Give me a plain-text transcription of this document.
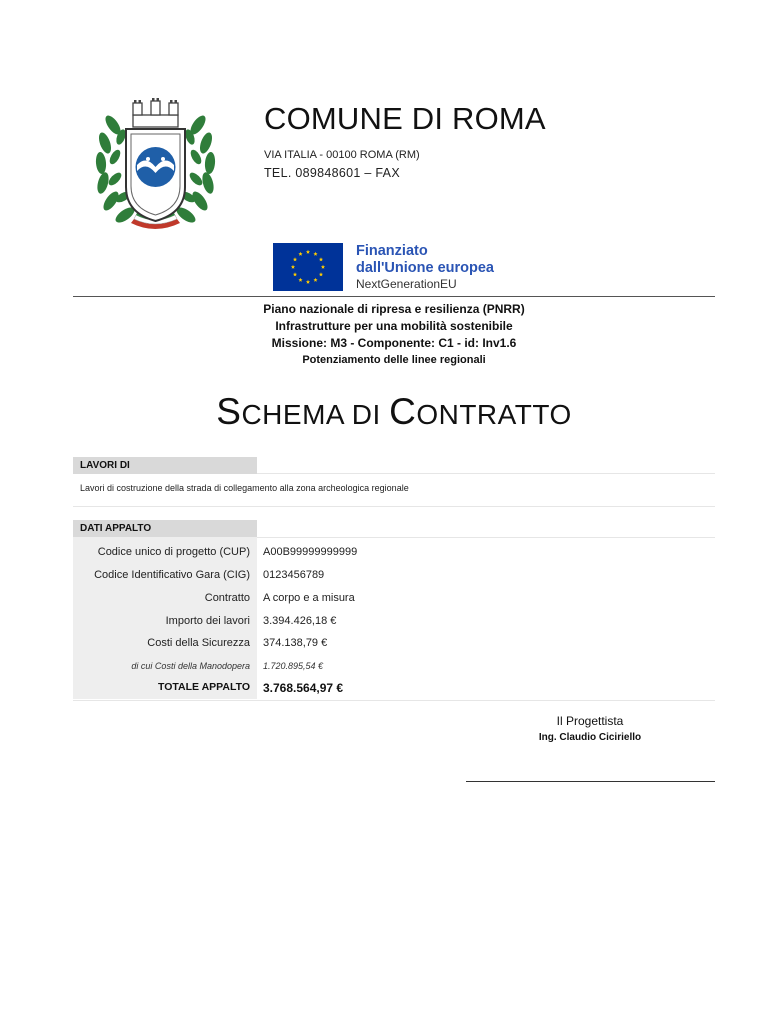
COMUNE DI ROMA
VIA ITALIA - 00100 ROMA (RM)
TEL. 089848601 – FAX
Finanziato
dall'Unione europea
NextGenerationEU
Piano nazionale di ripresa e resilienza (PNRR)
Infrastrutture per una mobilità sostenibile
Missione: M3 - Componente: C1 - id: Inv1.6
Potenziamento delle linee regionali
SCHEMA DI CONTRATTO
LAVORI DI
Lavori di costruzione della strada di collegamento alla zona archeologica regionale
DATI APPALTO
Codice unico di progetto (CUP) A00B99999999999
Codice Identificativo Gara (CIG) 0123456789
Contratto A corpo e a misura
Importo dei lavori 3.394.426,18 €
Costi della Sicurezza 374.138,79 €
di cui Costi della Manodopera 1.720.895,54 €
TOTALE APPALTO 3.768.564,97 €
Il Progettista
Ing. Claudio Ciciriello
